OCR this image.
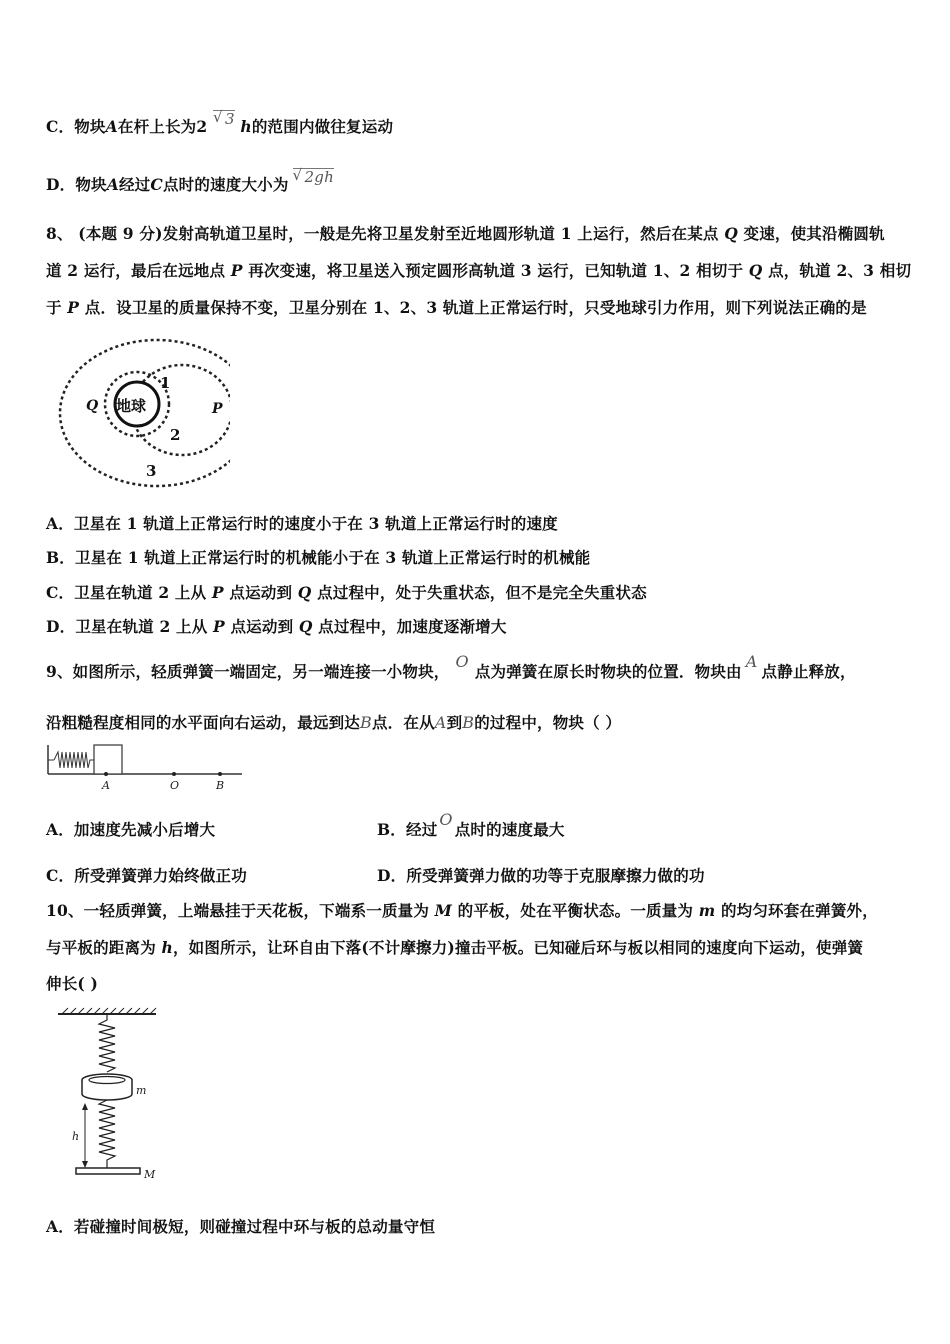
C．物块A在杆上长为2 √ 3 h的范围内做往复运动
D．物块A经过C点时的速度大小为 √ 2gh
8、 (本题 9 分)发射高轨道卫星时，一般是先将卫星发射至近地圆形轨道 1 上运行，然后在某点 Q 变速，使其沿椭圆轨
道 2 运行，最后在远地点 P 再次变速，将卫星送入预定圆形高轨道 3 运行，已知轨道 1、2 相切于 Q 点，轨道 2、3 相切
于 P 点．设卫星的质量保持不变，卫星分别在 1、2、3 轨道上正常运行时，只受地球引力作用，则下列说法正确的是
地球
Q	P
1
2
3
A．卫星在 1 轨道上正常运行时的速度小于在 3 轨道上正常运行时的速度
B．卫星在 1 轨道上正常运行时的机械能小于在 3 轨道上正常运行时的机械能
C．卫星在轨道 2 上从 P 点运动到 Q 点过程中，处于失重状态，但不是完全失重状态
D．卫星在轨道 2 上从 P 点运动到 Q 点过程中，加速度逐渐增大
9、如图所示，轻质弹簧一端固定，另一端连接一小物块，O点为弹簧在原长时物块的位置．物块由A点静止释放，
沿粗糙程度相同的水平面向右运动，最远到达B点．在从A到B的过程中，物块（ ）
A	O	B
A．加速度先减小后增大	B．经过O点时的速度最大
C．所受弹簧弹力始终做正功	D．所受弹簧弹力做的功等于克服摩擦力做的功
10、一轻质弹簧，上端悬挂于天花板，下端系一质量为 M 的平板，处在平衡状态。一质量为 m 的均匀环套在弹簧外，
与平板的距离为 h，如图所示，让环自由下落(不计摩擦力)撞击平板。已知碰后环与板以相同的速度向下运动，使弹簧
伸长( )
m
h
M
A．若碰撞时间极短，则碰撞过程中环与板的总动量守恒
